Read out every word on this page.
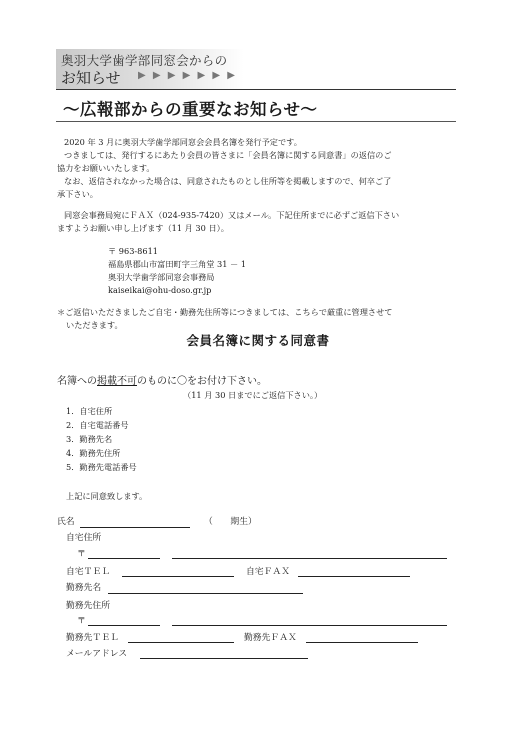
奥羽大学歯学部同窓会からの
お知らせ ▶ ▶ ▶ ▶ ▶ ▶ ▶
〜広報部からの重要なお知らせ〜
2020 年 3 月に奥羽大学歯学部同窓会会員名簿を発行予定です。
つきましては、発行するにあたり会員の皆さまに「会員名簿に関する同意書」の返信のご
協力をお願いいたします。
なお、返信されなかった場合は、同意されたものとし住所等を掲載しますので、何卒ご了
承下さい。
同窓会事務局宛にＦＡＸ（024-935-7420）又はメール。下記住所までに必ずご返信下さい
ますようお願い申し上げます（11 月 30 日）。
〒 963-8611
福島県郡山市富田町字三角堂 31 － 1
奥羽大学歯学部同窓会事務局
kaiseikai@ohu-doso.gr.jp
＊ご返信いただきましたご自宅・勤務先住所等につきましては、こちらで厳重に管理させて
いただきます。
会員名簿に関する同意書
名簿への掲載不可のものに〇をお付け下さい。
（11 月 30 日までにご返信下さい。）
1．自宅住所
2．自宅電話番号
3．勤務先名
4．勤務先住所
5．勤務先電話番号
上記に同意致します。
氏名	（　　期生）
自宅住所
〒
自宅ＴＥＬ	自宅ＦＡＸ
勤務先名
勤務先住所
〒
勤務先ＴＥＬ	勤務先ＦＡＸ
メールアドレス
